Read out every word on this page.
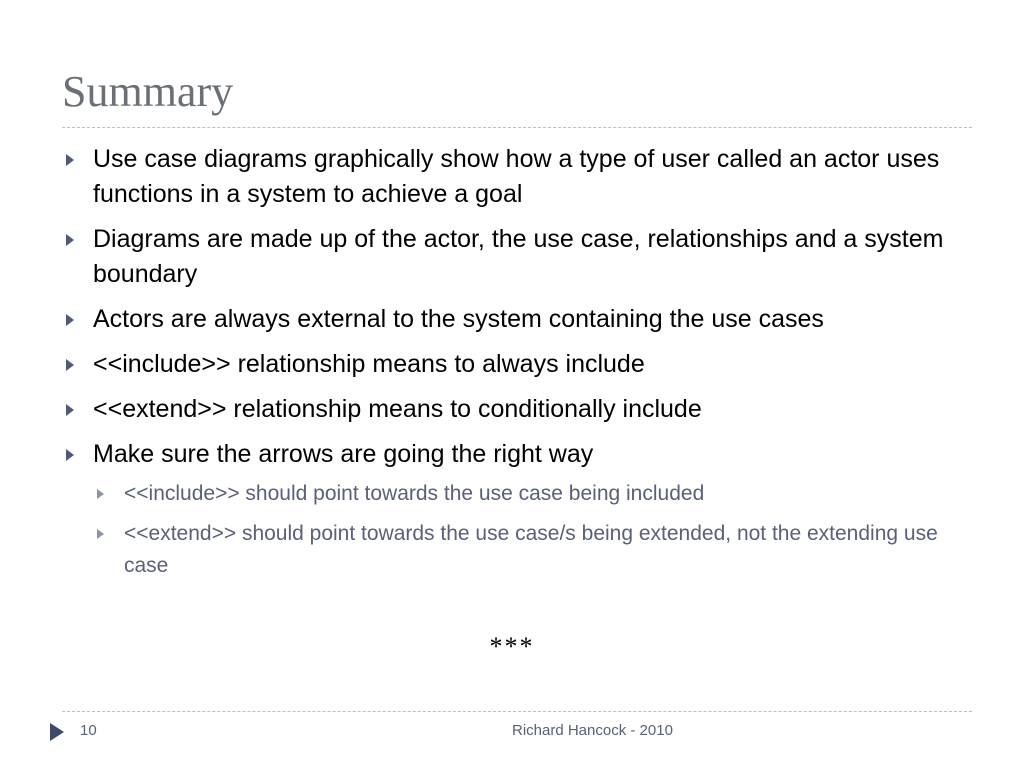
Summary
Use case diagrams graphically show how a type of user called an actor uses functions in a system to achieve a goal
Diagrams are made up of the actor, the use case, relationships and a system boundary
Actors are always external to the system containing the use cases
<<include>> relationship means to always include
<<extend>> relationship means to conditionally include
Make sure the arrows are going the right way
<<include>> should point towards the use case being included
<<extend>> should point towards the use case/s being extended, not the extending use case
***
10	Richard Hancock - 2010
